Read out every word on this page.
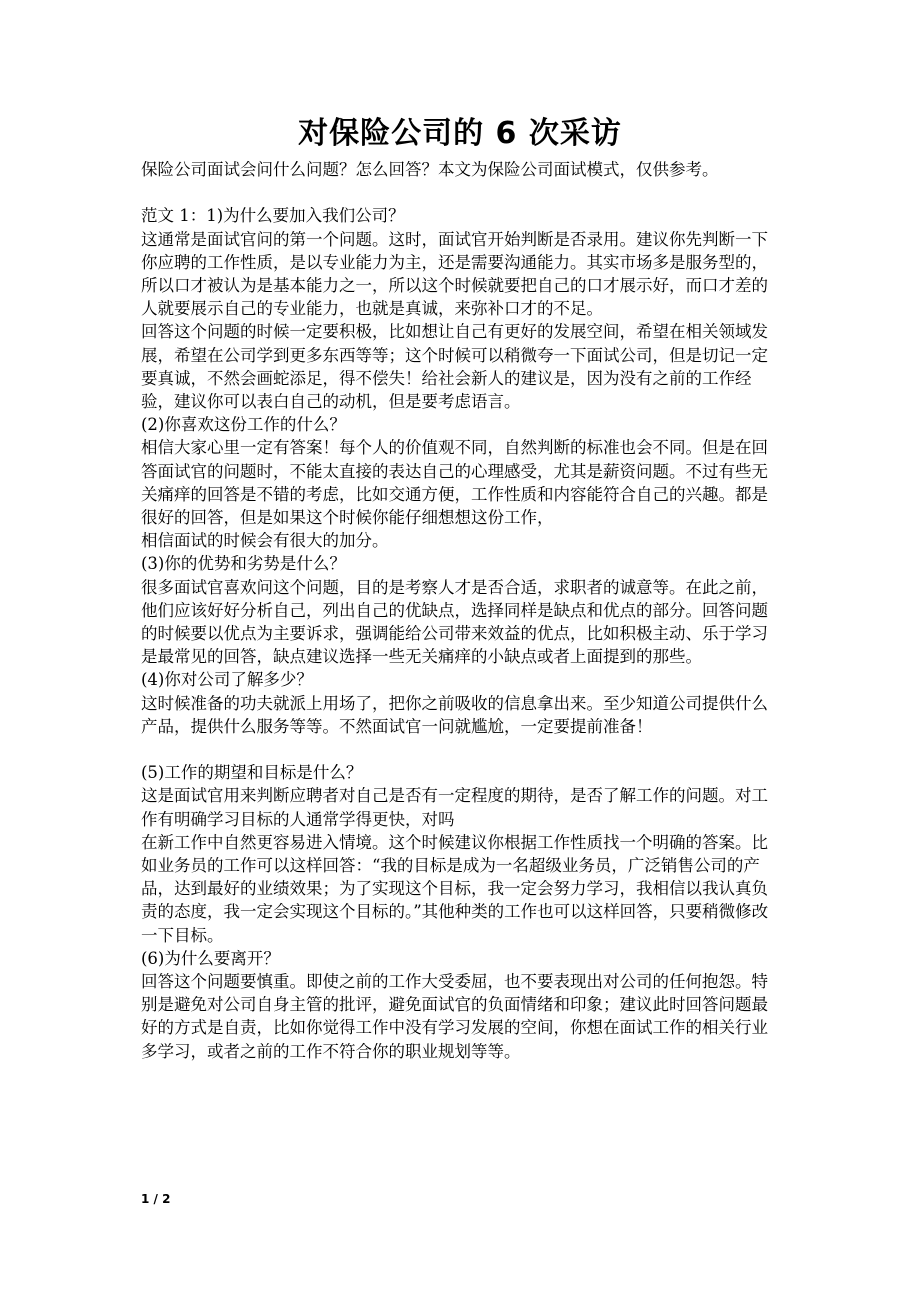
对保险公司的 6 次采访

保险公司面试会问什么问题？怎么回答？本文为保险公司面试模式，仅供参考。

范文 1：1)为什么要加入我们公司？

这通常是面试官问的第一个问题。这时，面试官开始判断是否录用。建议你先判断一下你应聘的工作性质，是以专业能力为主，还是需要沟通能力。其实市场多是服务型的，所以口才被认为是基本能力之一，所以这个时候就要把自己的口才展示好，而口才差的人就要展示自己的专业能力，也就是真诚，来弥补口才的不足。

回答这个问题的时候一定要积极，比如想让自己有更好的发展空间，希望在相关领域发展，希望在公司学到更多东西等等；这个时候可以稍微夸一下面试公司，但是切记一定要真诚，不然会画蛇添足，得不偿失！给社会新人的建议是，因为没有之前的工作经验，建议你可以表白自己的动机，但是要考虑语言。

(2)你喜欢这份工作的什么？

相信大家心里一定有答案！每个人的价值观不同，自然判断的标准也会不同。但是在回答面试官的问题时，不能太直接的表达自己的心理感受，尤其是薪资问题。不过有些无关痛痒的回答是不错的考虑，比如交通方便，工作性质和内容能符合自己的兴趣。都是很好的回答，但是如果这个时候你能仔细想想这份工作，

相信面试的时候会有很大的加分。

(3)你的优势和劣势是什么？

很多面试官喜欢问这个问题，目的是考察人才是否合适，求职者的诚意等。在此之前，他们应该好好分析自己，列出自己的优缺点，选择同样是缺点和优点的部分。回答问题的时候要以优点为主要诉求，强调能给公司带来效益的优点，比如积极主动、乐于学习是最常见的回答，缺点建议选择一些无关痛痒的小缺点或者上面提到的那些。

(4)你对公司了解多少？

这时候准备的功夫就派上用场了，把你之前吸收的信息拿出来。至少知道公司提供什么产品，提供什么服务等等。不然面试官一问就尴尬，一定要提前准备！

(5)工作的期望和目标是什么？

这是面试官用来判断应聘者对自己是否有一定程度的期待，是否了解工作的问题。对工作有明确学习目标的人通常学得更快，对吗

在新工作中自然更容易进入情境。这个时候建议你根据工作性质找一个明确的答案。比如业务员的工作可以这样回答：“我的目标是成为一名超级业务员，广泛销售公司的产品，达到最好的业绩效果；为了实现这个目标，我一定会努力学习，我相信以我认真负责的态度，我一定会实现这个目标的。”其他种类的工作也可以这样回答，只要稍微修改一下目标。

(6)为什么要离开？

回答这个问题要慎重。即使之前的工作大受委屈，也不要表现出对公司的任何抱怨。特别是避免对公司自身主管的批评，避免面试官的负面情绪和印象；建议此时回答问题最好的方式是自责，比如你觉得工作中没有学习发展的空间，你想在面试工作的相关行业多学习，或者之前的工作不符合你的职业规划等等。

1 / 2
